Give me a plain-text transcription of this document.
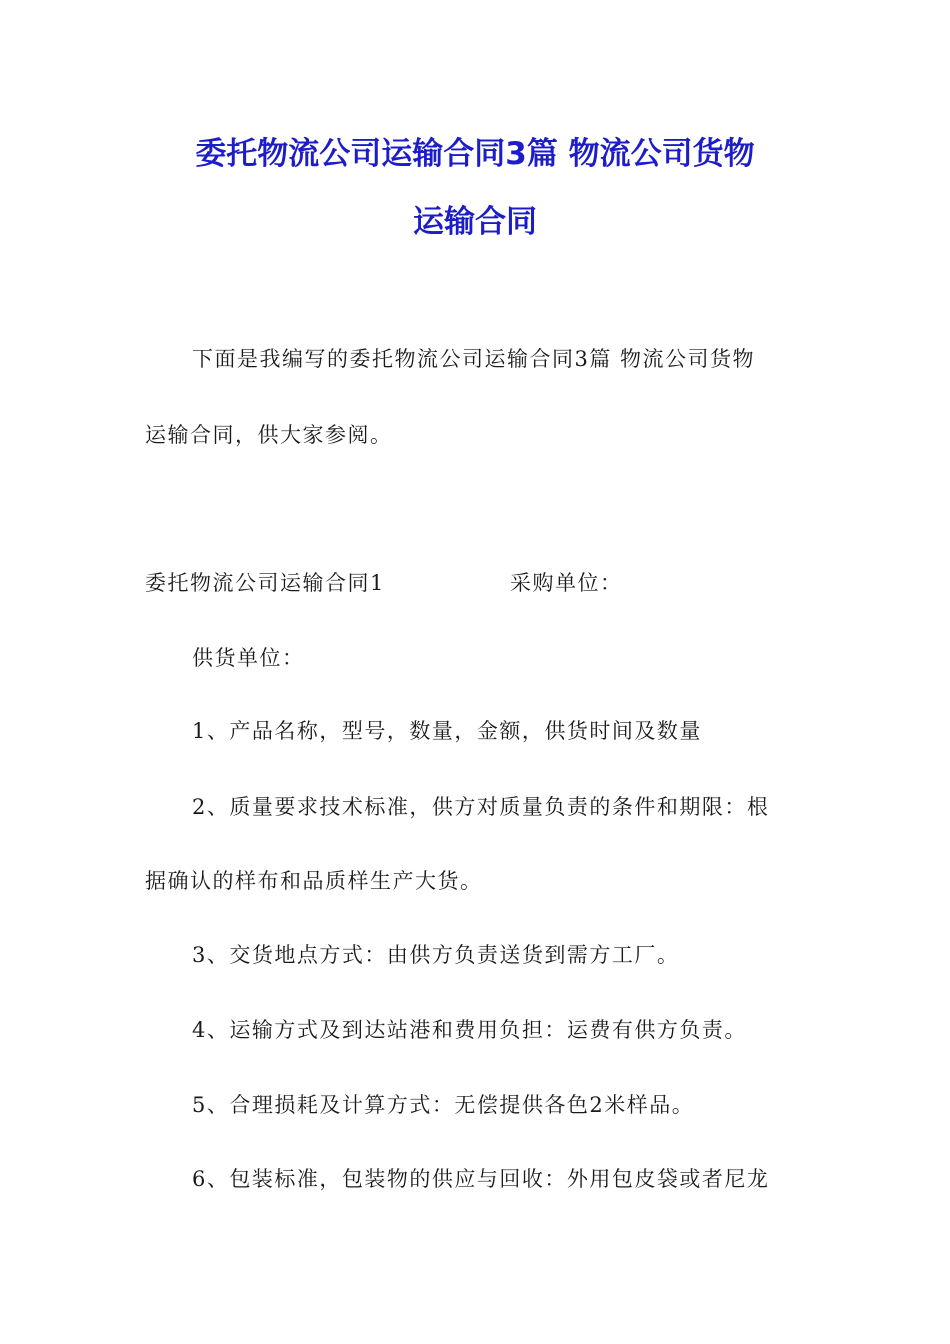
委托物流公司运输合同3篇 物流公司货物
运输合同
下面是我编写的委托物流公司运输合同3篇 物流公司货物
运输合同，供大家参阅。
委托物流公司运输合同1	采购单位：
供货单位：
1、产品名称，型号，数量，金额，供货时间及数量
2、质量要求技术标准，供方对质量负责的条件和期限：根
据确认的样布和品质样生产大货。
3、交货地点方式：由供方负责送货到需方工厂。
4、运输方式及到达站港和费用负担：运费有供方负责。
5、合理损耗及计算方式：无偿提供各色2米样品。
6、包装标准，包装物的供应与回收：外用包皮袋或者尼龙
